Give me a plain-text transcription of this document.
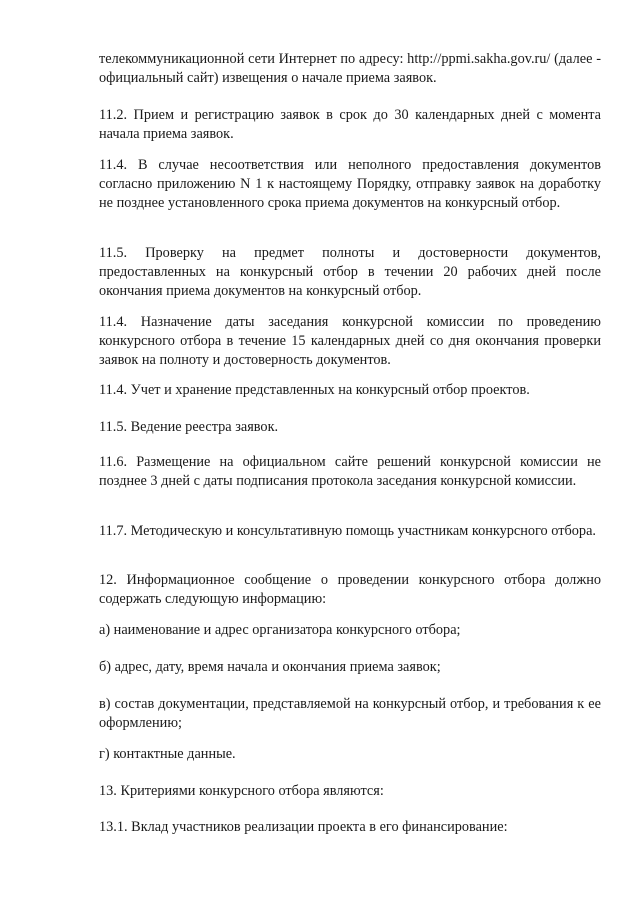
телекоммуникационной сети Интернет по адресу: http://ppmi.sakha.gov.ru/ (далее - официальный сайт) извещения о начале приема заявок.

11.2. Прием и регистрацию заявок в срок до 30 календарных дней с момента начала приема заявок.

11.4. В случае несоответствия или неполного предоставления документов согласно приложению N 1 к настоящему Порядку, отправку заявок на доработку не позднее установленного срока приема документов на конкурсный отбор.

11.5. Проверку на предмет полноты и достоверности документов, предоставленных на конкурсный отбор в течении 20 рабочих дней после окончания приема документов на конкурсный отбор.

11.4. Назначение даты заседания конкурсной комиссии по проведению конкурсного отбора в течение 15 календарных дней со дня окончания проверки заявок на полноту и достоверность документов.

11.4. Учет и хранение представленных на конкурсный отбор проектов.

11.5. Ведение реестра заявок.

11.6. Размещение на официальном сайте решений конкурсной комиссии не позднее 3 дней с даты подписания протокола заседания конкурсной комиссии.

11.7. Методическую и консультативную помощь участникам конкурсного отбора.

12. Информационное сообщение о проведении конкурсного отбора должно содержать следующую информацию:

а) наименование и адрес организатора конкурсного отбора;

б) адрес, дату, время начала и окончания приема заявок;

в) состав документации, представляемой на конкурсный отбор, и требования к ее оформлению;

г) контактные данные.

13. Критериями конкурсного отбора являются:

13.1. Вклад участников реализации проекта в его финансирование:
